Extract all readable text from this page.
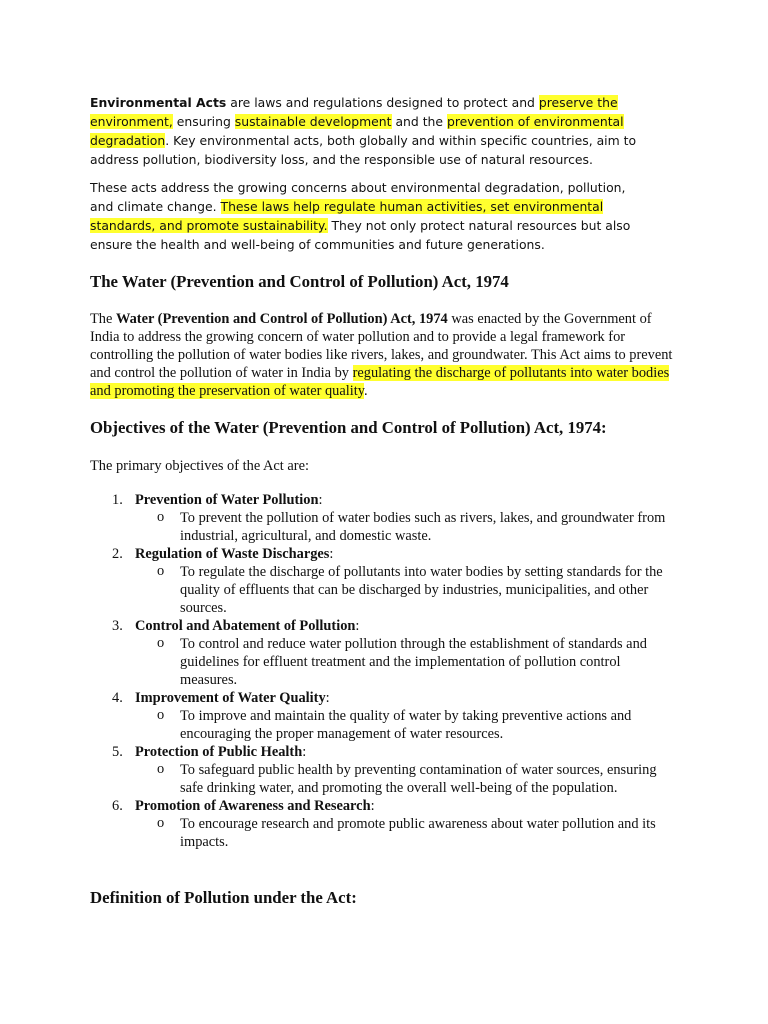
Environmental Acts are laws and regulations designed to protect and preserve the environment, ensuring sustainable development and the prevention of environmental degradation. Key environmental acts, both globally and within specific countries, aim to address pollution, biodiversity loss, and the responsible use of natural resources.

These acts address the growing concerns about environmental degradation, pollution, and climate change. These laws help regulate human activities, set environmental standards, and promote sustainability. They not only protect natural resources but also ensure the health and well-being of communities and future generations.

The Water (Prevention and Control of Pollution) Act, 1974

The Water (Prevention and Control of Pollution) Act, 1974 was enacted by the Government of India to address the growing concern of water pollution and to provide a legal framework for controlling the pollution of water bodies like rivers, lakes, and groundwater. This Act aims to prevent and control the pollution of water in India by regulating the discharge of pollutants into water bodies and promoting the preservation of water quality.

Objectives of the Water (Prevention and Control of Pollution) Act, 1974:

The primary objectives of the Act are:

1. Prevention of Water Pollution:
o To prevent the pollution of water bodies such as rivers, lakes, and groundwater from industrial, agricultural, and domestic waste.
2. Regulation of Waste Discharges:
o To regulate the discharge of pollutants into water bodies by setting standards for the quality of effluents that can be discharged by industries, municipalities, and other sources.
3. Control and Abatement of Pollution:
o To control and reduce water pollution through the establishment of standards and guidelines for effluent treatment and the implementation of pollution control measures.
4. Improvement of Water Quality:
o To improve and maintain the quality of water by taking preventive actions and encouraging the proper management of water resources.
5. Protection of Public Health:
o To safeguard public health by preventing contamination of water sources, ensuring safe drinking water, and promoting the overall well-being of the population.
6. Promotion of Awareness and Research:
o To encourage research and promote public awareness about water pollution and its impacts.
Definition of Pollution under the Act:
